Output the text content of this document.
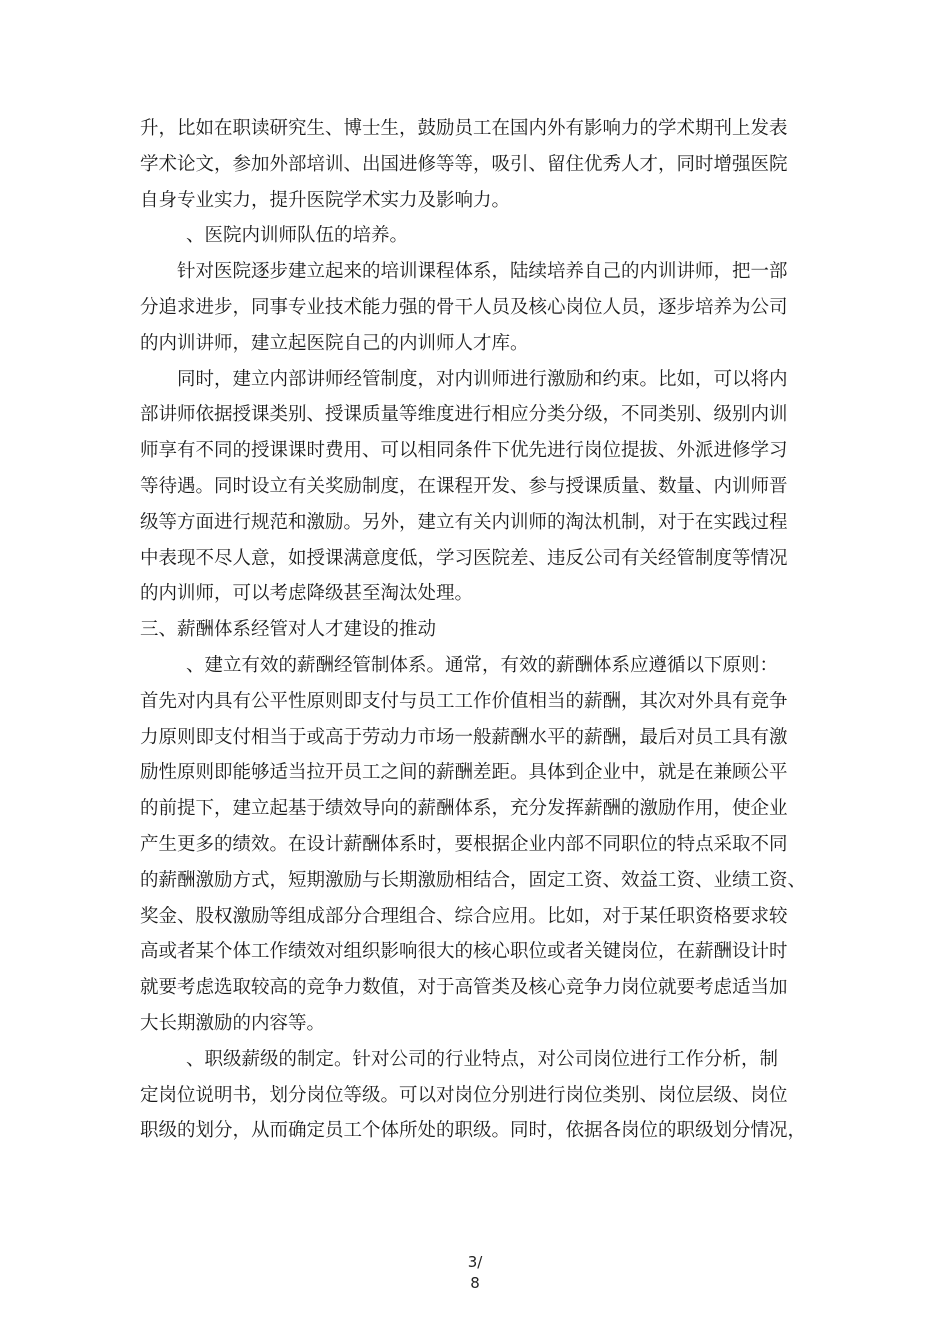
升，比如在职读研究生、博士生，鼓励员工在国内外有影响力的学术期刊上发表
学术论文，参加外部培训、出国进修等等，吸引、留住优秀人才，同时增强医院
自身专业实力，提升医院学术实力及影响力。
、医院内训师队伍的培养。
针对医院逐步建立起来的培训课程体系，陆续培养自己的内训讲师，把一部
分追求进步，同事专业技术能力强的骨干人员及核心岗位人员，逐步培养为公司
的内训讲师，建立起医院自己的内训师人才库。
同时，建立内部讲师经管制度，对内训师进行激励和约束。比如，可以将内
部讲师依据授课类别、授课质量等维度进行相应分类分级，不同类别、级别内训
师享有不同的授课课时费用、可以相同条件下优先进行岗位提拔、外派进修学习
等待遇。同时设立有关奖励制度，在课程开发、参与授课质量、数量、内训师晋
级等方面进行规范和激励。另外，建立有关内训师的淘汰机制，对于在实践过程
中表现不尽人意，如授课满意度低，学习医院差、违反公司有关经管制度等情况
的内训师，可以考虑降级甚至淘汰处理。
三、薪酬体系经管对人才建设的推动
、建立有效的薪酬经管制体系。通常，有效的薪酬体系应遵循以下原则：
首先对内具有公平性原则即支付与员工工作价值相当的薪酬，其次对外具有竞争
力原则即支付相当于或高于劳动力市场一般薪酬水平的薪酬，最后对员工具有激
励性原则即能够适当拉开员工之间的薪酬差距。具体到企业中，就是在兼顾公平
的前提下，建立起基于绩效导向的薪酬体系，充分发挥薪酬的激励作用，使企业
产生更多的绩效。在设计薪酬体系时，要根据企业内部不同职位的特点采取不同
的薪酬激励方式，短期激励与长期激励相结合，固定工资、效益工资、业绩工资、
奖金、股权激励等组成部分合理组合、综合应用。比如，对于某任职资格要求较
高或者某个体工作绩效对组织影响很大的核心职位或者关键岗位，在薪酬设计时
就要考虑选取较高的竞争力数值，对于高管类及核心竞争力岗位就要考虑适当加
大长期激励的内容等。
、职级薪级的制定。针对公司的行业特点，对公司岗位进行工作分析，制
定岗位说明书，划分岗位等级。可以对岗位分别进行岗位类别、岗位层级、岗位
职级的划分，从而确定员工个体所处的职级。同时，依据各岗位的职级划分情况，
3/
8
